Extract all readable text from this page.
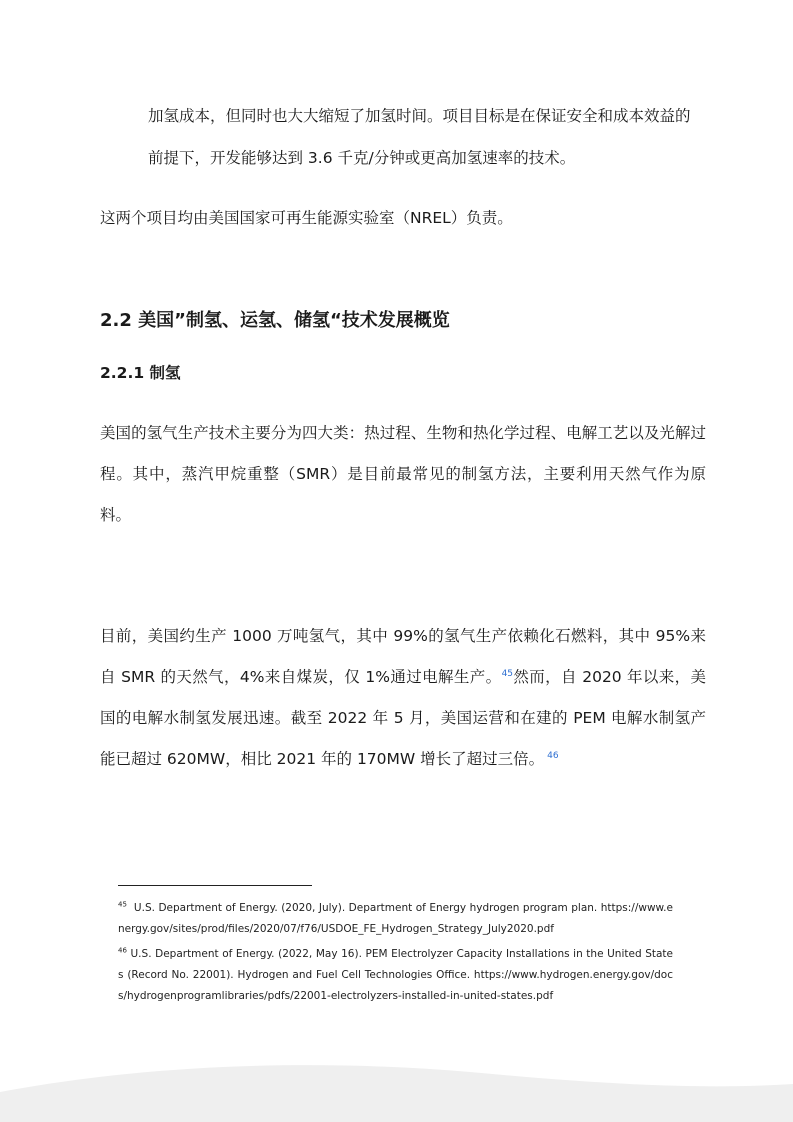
加氢成本，但同时也大大缩短了加氢时间。项目目标是在保证安全和成本效益的

前提下，开发能够达到 3.6 千克/分钟或更高加氢速率的技术。

这两个项目均由美国国家可再生能源实验室（NREL）负责。

2.2 美国”制氢、运氢、储氢“技术发展概览
2.2.1 制氢

美国的氢气生产技术主要分为四大类：热过程、生物和热化学过程、电解工艺以及光解过程。其中，蒸汽甲烷重整（SMR）是目前最常见的制氢方法，主要利用天然气作为原料。

目前，美国约生产 1000 万吨氢气，其中 99%的氢气生产依赖化石燃料，其中 95%来自 SMR 的天然气，4%来自煤炭，仅 1%通过电解生产。$^{45}$然而，自 2020 年以来，美国的电解水制氢发展迅速。截至 2022 年 5 月，美国运营和在建的 PEM 电解水制氢产能已超过 620MW，相比 2021 年的 170MW 增长了超过三倍。 $^{46}$

$^{45}$ U.S. Department of Energy. (2020, July). Department of Energy hydrogen program plan. https://www.energy.gov/sites/prod/files/2020/07/f76/USDOE_FE_Hydrogen_Strategy_July2020.pdf

$^{46}$ U.S. Department of Energy. (2022, May 16). PEM Electrolyzer Capacity Installations in the United States (Record No. 22001). Hydrogen and Fuel Cell Technologies Office. https://www.hydrogen.energy.gov/docs/hydrogenprogramlibraries/pdfs/22001-electrolyzers-installed-in-united-states.pdf
